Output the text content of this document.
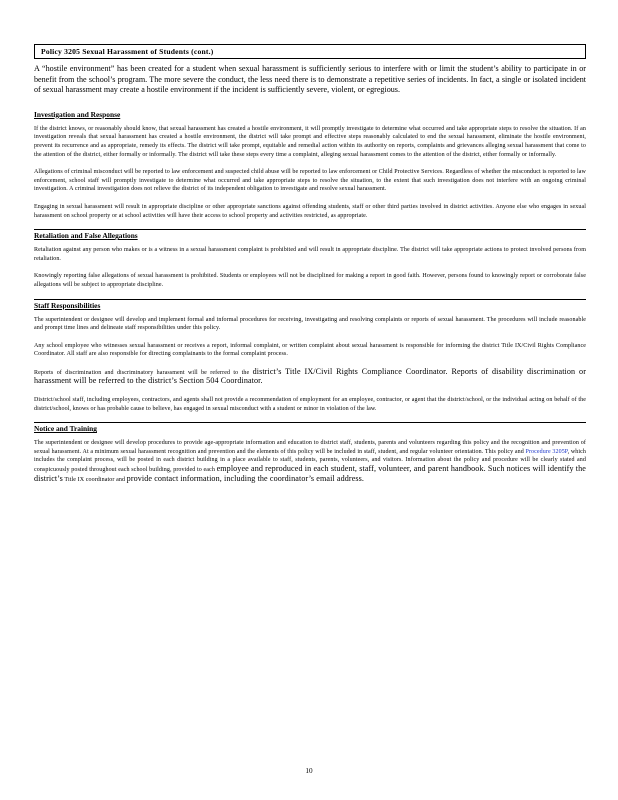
Policy 3205 Sexual Harassment of Students (cont.)

A “hostile environment” has been created for a student when sexual harassment is sufficiently serious to interfere with or limit the student’s ability to participate in or benefit from the school’s program. The more severe the conduct, the less need there is to demonstrate a repetitive series of incidents. In fact, a single or isolated incident of sexual harassment may create a hostile environment if the incident is sufficiently severe, violent, or egregious.

Investigation and Response

If the district knows, or reasonably should know, that sexual harassment has created a hostile environment, it will promptly investigate to determine what occurred and take appropriate steps to resolve the situation. If an investigation reveals that sexual harassment has created a hostile environment, the district will take prompt and effective steps reasonably calculated to end the sexual harassment, eliminate the hostile environment, prevent its recurrence and as appropriate, remedy its effects. The district will take prompt, equitable and remedial action within its authority on reports, complaints and grievances alleging sexual harassment that come to the attention of the district, either formally or informally. The district will take these steps every time a complaint, alleging sexual harassment comes to the attention of the district, either formally or informally.

Allegations of criminal misconduct will be reported to law enforcement and suspected child abuse will be reported to law enforcement or Child Protective Services. Regardless of whether the misconduct is reported to law enforcement, school staff will promptly investigate to determine what occurred and take appropriate steps to resolve the situation, to the extent that such investigation does not interfere with an ongoing criminal investigation. A criminal investigation does not relieve the district of its independent obligation to investigate and resolve sexual harassment.

Engaging in sexual harassment will result in appropriate discipline or other appropriate sanctions against offending students, staff or other third parties involved in district activities. Anyone else who engages in sexual harassment on school property or at school activities will have their access to school property and activities restricted, as appropriate.

Retaliation and False Allegations

Retaliation against any person who makes or is a witness in a sexual harassment complaint is prohibited and will result in appropriate discipline. The district will take appropriate actions to protect involved persons from retaliation.

Knowingly reporting false allegations of sexual harassment is prohibited. Students or employees will not be disciplined for making a report in good faith. However, persons found to knowingly report or corroborate false allegations will be subject to appropriate discipline.

Staff Responsibilities

The superintendent or designee will develop and implement formal and informal procedures for receiving, investigating and resolving complaints or reports of sexual harassment. The procedures will include reasonable and prompt time lines and delineate staff responsibilities under this policy.

Any school employee who witnesses sexual harassment or receives a report, informal complaint, or written complaint about sexual harassment is responsible for informing the district Title IX/Civil Rights Compliance Coordinator. All staff are also responsible for directing complainants to the formal complaint process.

Reports of discrimination and discriminatory harassment will be referred to the district’s Title IX/Civil Rights Compliance Coordinator. Reports of disability discrimination or harassment will be referred to the district’s Section 504 Coordinator.

District/school staff, including employees, contractors, and agents shall not provide a recommendation of employment for an employee, contractor, or agent that the district/school, or the individual acting on behalf of the district/school, knows or has probable cause to believe, has engaged in sexual misconduct with a student or minor in violation of the law.

Notice and Training

The superintendent or designee will develop procedures to provide age-appropriate information and education to district staff, students, parents and volunteers regarding this policy and the recognition and prevention of sexual harassment. At a minimum sexual harassment recognition and prevention and the elements of this policy will be included in staff, student, and regular volunteer orientation. This policy and Procedure 3205P, which includes the complaint process, will be posted in each district building in a place available to staff, students, parents, volunteers, and visitors. Information about the policy and procedure will be clearly stated and conspicuously posted throughout each school building, provided to each employee and reproduced in each student, staff, volunteer, and parent handbook. Such notices will identify the district’s Title IX coordinator and provide contact information, including the coordinator’s email address.

10
